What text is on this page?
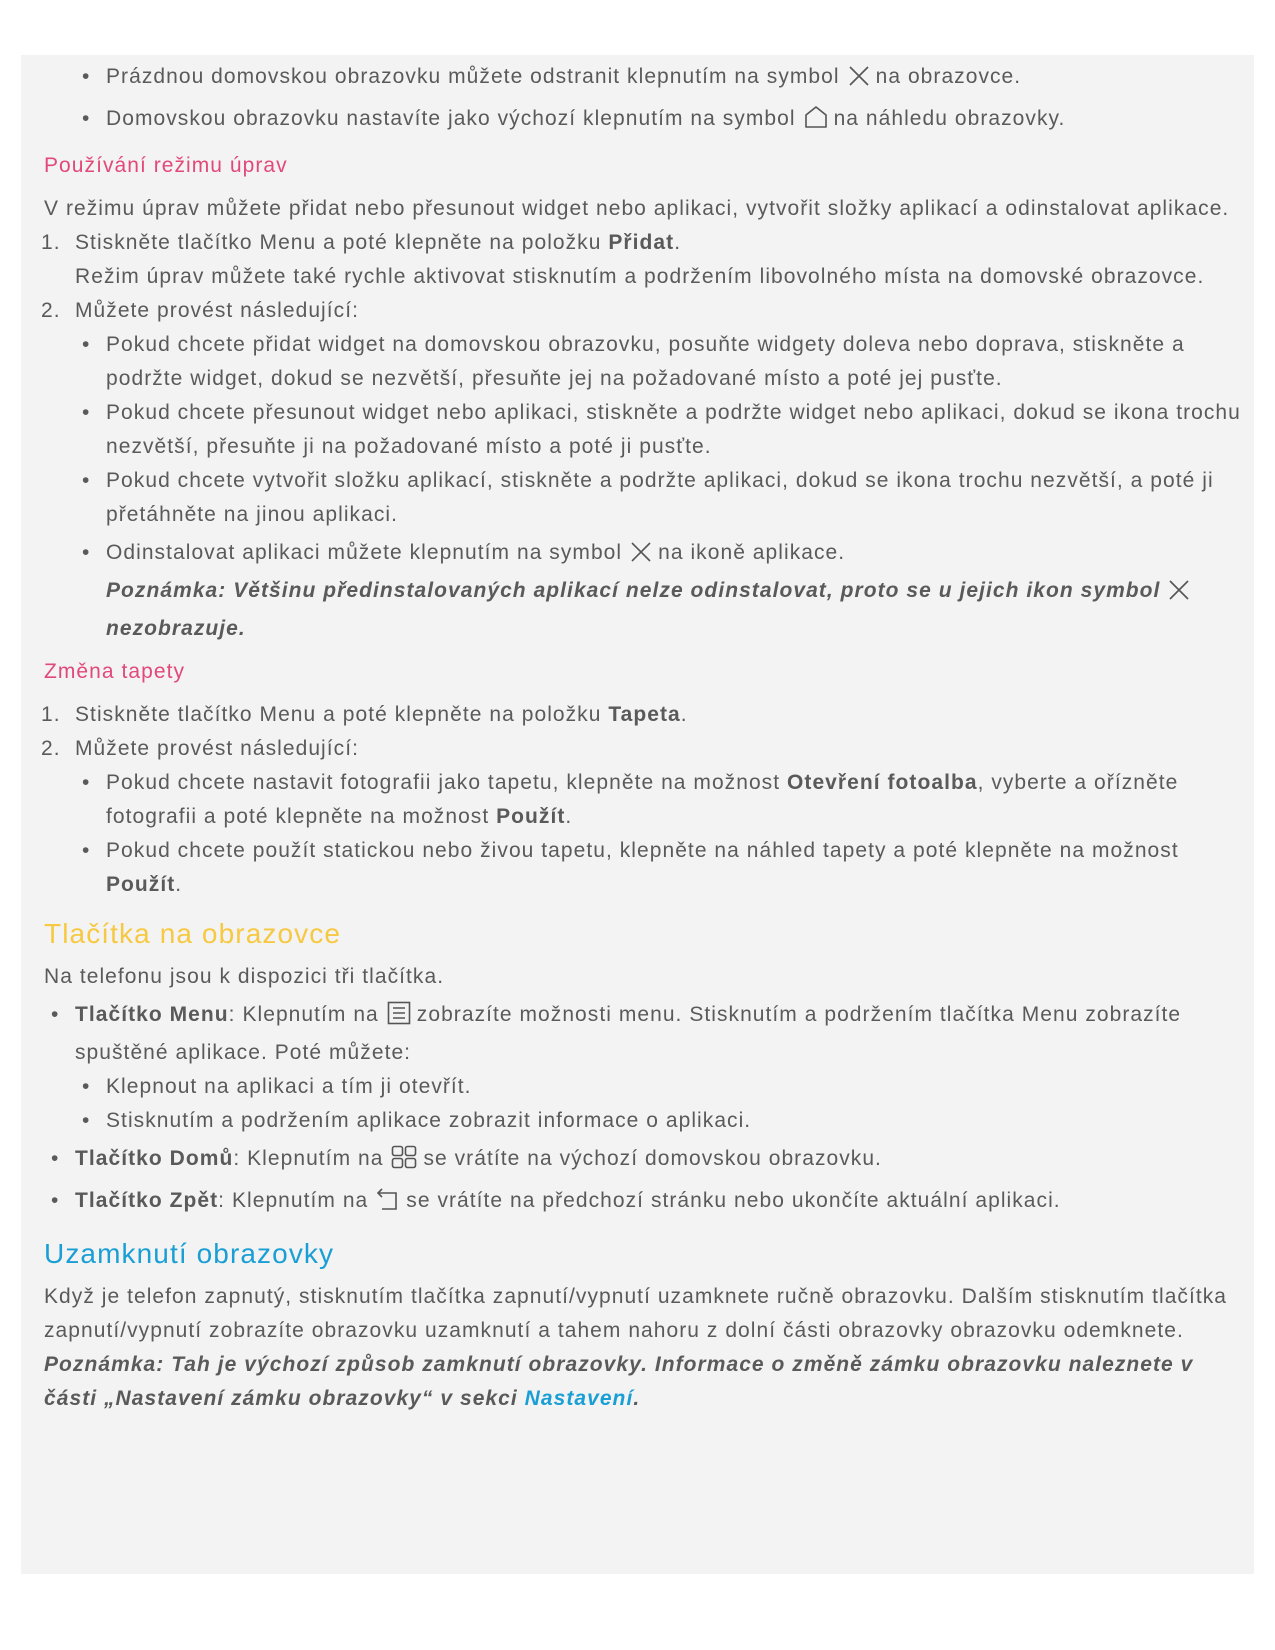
• Prázdnou domovskou obrazovku můžete odstranit klepnutím na symbol na obrazovce.
• Domovskou obrazovku nastavíte jako výchozí klepnutím na symbol na náhledu obrazovky.

Používání režimu úprav

V režimu úprav můžete přidat nebo přesunout widget nebo aplikaci, vytvořit složky aplikací a odinstalovat aplikace.

1. Stiskněte tlačítko Menu a poté klepněte na položku Přidat.

Režim úprav můžete také rychle aktivovat stisknutím a podržením libovolného místa na domovské obrazovce.

2. Můžete provést následující:
• Pokud chcete přidat widget na domovskou obrazovku, posuňte widgety doleva nebo doprava, stiskněte a podržte widget, dokud se nezvětší, přesuňte jej na požadované místo a poté jej pusťte.
• Pokud chcete přesunout widget nebo aplikaci, stiskněte a podržte widget nebo aplikaci, dokud se ikona trochu nezvětší, přesuňte ji na požadované místo a poté ji pusťte.
• Pokud chcete vytvořit složku aplikací, stiskněte a podržte aplikaci, dokud se ikona trochu nezvětší, a poté ji přetáhněte na jinou aplikaci.
• Odinstalovat aplikaci můžete klepnutím na symbol na ikoně aplikace.
Poznámka: Většinu předinstalovaných aplikací nelze odinstalovat, proto se u jejich ikon symbolnezobrazuje.

Změna tapety

1. Stiskněte tlačítko Menu a poté klepněte na položku Tapeta.
2. Můžete provést následující:
• Pokud chcete nastavit fotografii jako tapetu, klepněte na možnost Otevření fotoalba, vyberte a ořízněte fotografii a poté klepněte na možnost Použít.
• Pokud chcete použít statickou nebo živou tapetu, klepněte na náhled tapety a poté klepněte na možnost Použít.

Tlačítka na obrazovce

Na telefonu jsou k dispozici tři tlačítka.

• Tlačítko Menu: Klepnutím na zobrazíte možnosti menu. Stisknutím a podržením tlačítka Menu zobrazíte spuštěné aplikace. Poté můžete:
• Klepnout na aplikaci a tím ji otevřít.
• Stisknutím a podržením aplikace zobrazit informace o aplikaci.
• Tlačítko Domů: Klepnutím na se vrátíte na výchozí domovskou obrazovku.
• Tlačítko Zpět: Klepnutím na se vrátíte na předchozí stránku nebo ukončíte aktuální aplikaci.

Uzamknutí obrazovky

Když je telefon zapnutý, stisknutím tlačítka zapnutí/vypnutí uzamknete ručně obrazovku. Dalším stisknutím tlačítka zapnutí/vypnutí zobrazíte obrazovku uzamknutí a tahem nahoru z dolní části obrazovky obrazovku odemknete.

Poznámka: Tah je výchozí způsob zamknutí obrazovky. Informace o změně zámku obrazovku naleznete v části „Nastavení zámku obrazovky“ v sekci Nastavení.
